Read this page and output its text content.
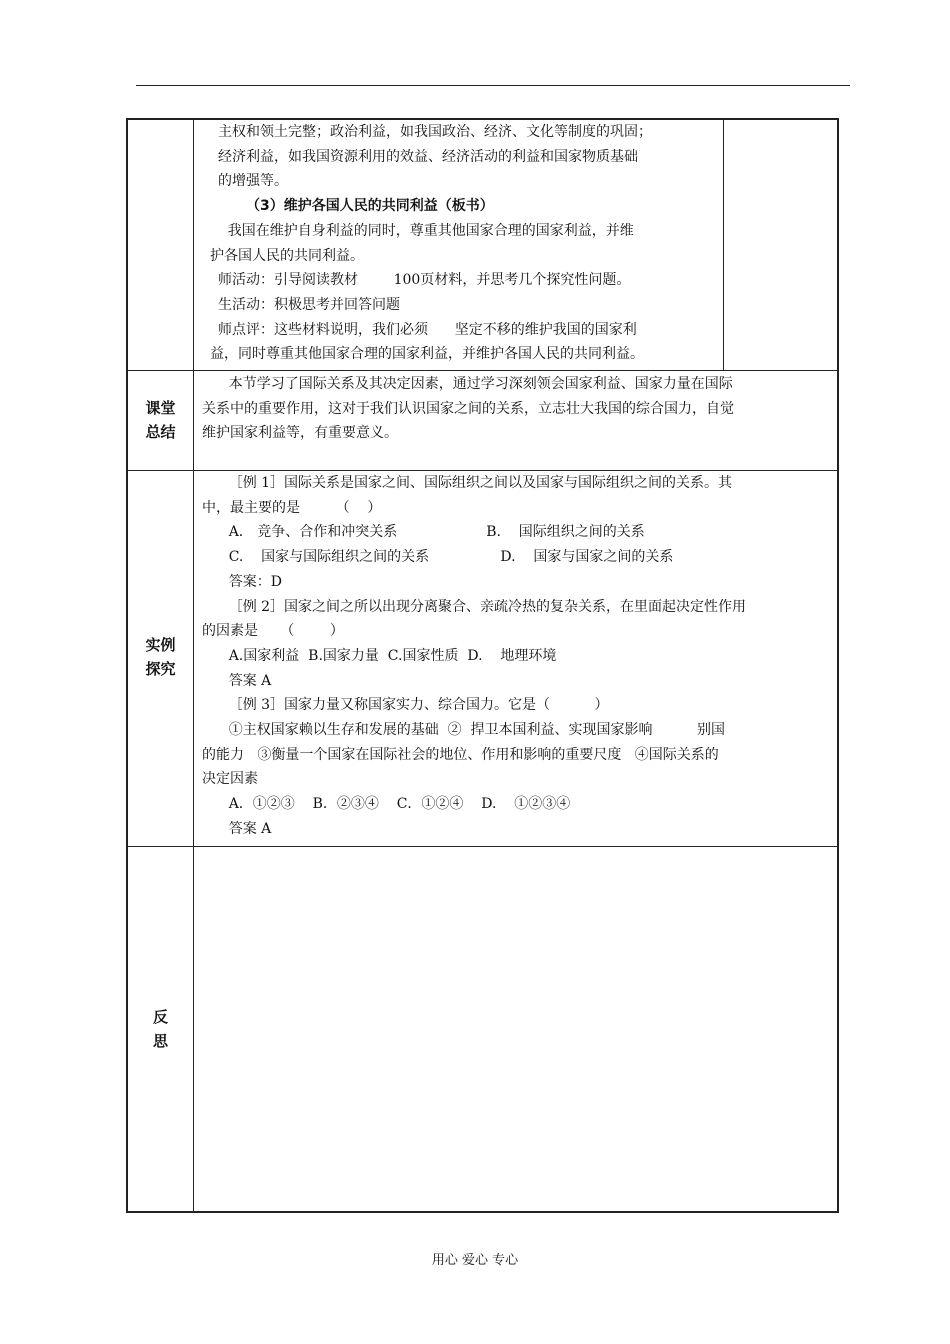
主权和领土完整；政治利益，如我国政治、经济、文化等制度的巩固；

经济利益，如我国资源利用的效益、经济活动的利益和国家物质基础

的增强等。

（3）维护各国人民的共同利益（板书）

我国在维护自身利益的同时，尊重其他国家合理的国家利益，并维

护各国人民的共同利益。

师活动：引导阅读教材        100页材料，并思考几个探究性问题。

生活动：积极思考并回答问题

师点评：这些材料说明，我们必须      坚定不移的维护我国的国家利

益，同时尊重其他国家合理的国家利益，并维护各国人民的共同利益。

课堂
总结

本节学习了国际关系及其决定因素，通过学习深刻领会国家利益、国家力量在国际

关系中的重要作用，这对于我们认识国家之间的关系，立志壮大我国的综合国力，自觉

维护国家利益等，有重要意义。

实例
探究

［例 1］国际关系是国家之间、国际组织之间以及国家与国际组织之间的关系。其

中，最主要的是        （    ）

A． 竞争、合作和冲突关系                    B.    国际组织之间的关系

C.    国家与国际组织之间的关系                D.    国家与国家之间的关系

答案：D

［例 2］国家之间之所以出现分离聚合、亲疏冷热的复杂关系，在里面起决定性作用

的因素是     （        ）

A.国家利益  B.国家力量  C.国家性质  D.    地理环境

答案 A

［例 3］国家力量又称国家实力、综合国力。它是（          ）

①主权国家赖以生存和发展的基础  ②  捍卫本国利益、实现国家影响          别国

的能力   ③衡量一个国家在国际社会的地位、作用和影响的重要尺度   ④国际关系的

决定因素

A．①②③    B．②③④    C．①②④    D.    ①②③④

答案 A

反
思
用心 爱心 专心
